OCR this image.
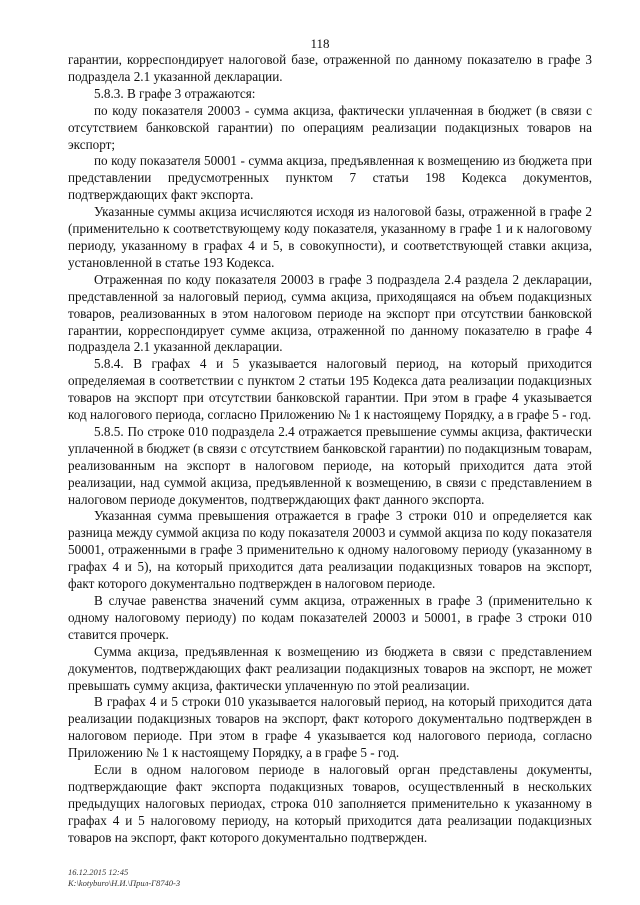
118

гарантии, корреспондирует налоговой базе, отраженной по данному показателю в графе 3 подраздела 2.1 указанной декларации.

5.8.3. В графе 3 отражаются:

по коду показателя 20003 - сумма акциза, фактически уплаченная в бюджет (в связи с отсутствием банковской гарантии) по операциям реализации подакцизных товаров на экспорт;

по коду показателя 50001 - сумма акциза, предъявленная к возмещению из бюджета при представлении предусмотренных пунктом 7 статьи 198 Кодекса документов, подтверждающих факт экспорта.

Указанные суммы акциза исчисляются исходя из налоговой базы, отраженной в графе 2 (применительно к соответствующему коду показателя, указанному в графе 1 и к налоговому периоду, указанному в графах 4 и 5, в совокупности), и соответствующей ставки акциза, установленной в статье 193 Кодекса.

Отраженная по коду показателя 20003 в графе 3 подраздела 2.4 раздела 2 декларации, представленной за налоговый период, сумма акциза, приходящаяся на объем подакцизных товаров, реализованных в этом налоговом периоде на экспорт при отсутствии банковской гарантии, корреспондирует сумме акциза, отраженной по данному показателю в графе 4 подраздела 2.1 указанной декларации.

5.8.4. В графах 4 и 5 указывается налоговый период, на который приходится определяемая в соответствии с пунктом 2 статьи 195 Кодекса дата реализации подакцизных товаров на экспорт при отсутствии банковской гарантии. При этом в графе 4 указывается код налогового периода, согласно Приложению № 1 к настоящему Порядку, а в графе 5 - год.

5.8.5. По строке 010 подраздела 2.4 отражается превышение суммы акциза, фактически уплаченной в бюджет (в связи с отсутствием банковской гарантии) по подакцизным товарам, реализованным на экспорт в налоговом периоде, на который приходится дата этой реализации, над суммой акциза, предъявленной к возмещению, в связи с представлением в налоговом периоде документов, подтверждающих факт данного экспорта.

Указанная сумма превышения отражается в графе 3 строки 010 и определяется как разница между суммой акциза по коду показателя 20003 и суммой акциза по коду показателя 50001, отраженными в графе 3 применительно к одному налоговому периоду (указанному в графах 4 и 5), на который приходится дата реализации подакцизных товаров на экспорт, факт которого документально подтвержден в налоговом периоде.

В случае равенства значений сумм акциза, отраженных в графе 3 (применительно к одному налоговому периоду) по кодам показателей 20003 и 50001, в графе 3 строки 010 ставится прочерк.

Сумма акциза, предъявленная к возмещению из бюджета в связи с представлением документов, подтверждающих факт реализации подакцизных товаров на экспорт, не может превышать сумму акциза, фактически уплаченную по этой реализации.

В графах 4 и 5 строки 010 указывается налоговый период, на который приходится дата реализации подакцизных товаров на экспорт, факт которого документально подтвержден в налоговом периоде. При этом в графе 4 указывается код налогового периода, согласно Приложению № 1 к настоящему Порядку, а в графе 5 - год.

Если в одном налоговом периоде в налоговый орган представлены документы, подтверждающие факт экспорта подакцизных товаров, осуществленный в нескольких предыдущих налоговых периодах, строка 010 заполняется применительно к указанному в графах 4 и 5 налоговому периоду, на который приходится дата реализации подакцизных товаров на экспорт, факт которого документально подтвержден.

16.12.2015 12:45
К:\kotyburo\Н.И.\Прил-Г8740-3
